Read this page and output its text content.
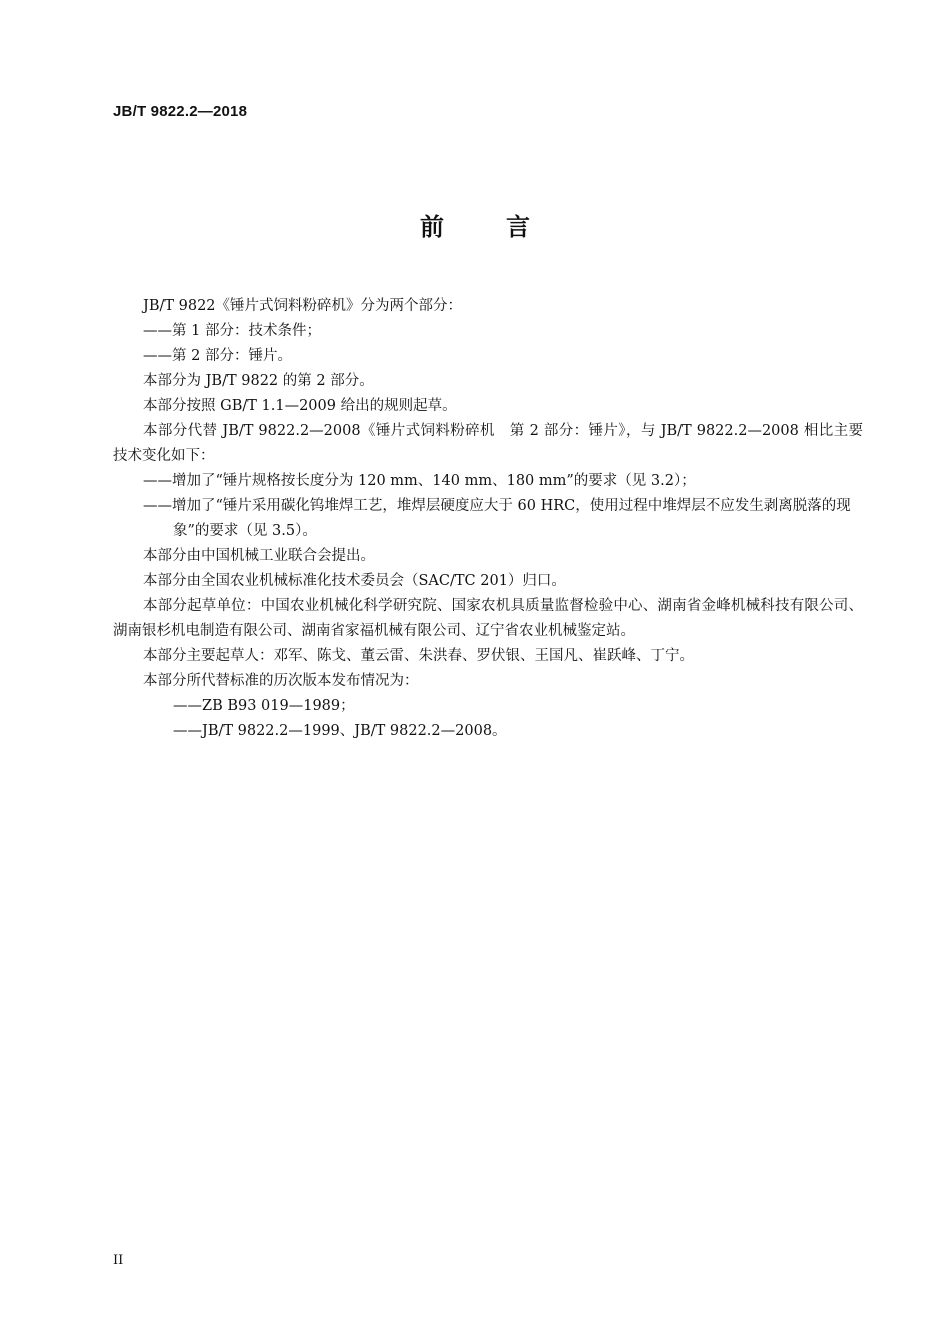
JB/T 9822.2—2018
前言

JB/T 9822《锤片式饲料粉碎机》分为两个部分：

——第 1 部分：技术条件；

——第 2 部分：锤片。

本部分为 JB/T 9822 的第 2 部分。

本部分按照 GB/T 1.1—2009 给出的规则起草。

本部分代替 JB/T 9822.2—2008《锤片式饲料粉碎机　第 2 部分：锤片》，与 JB/T 9822.2—2008 相比主要技术变化如下：

——增加了“锤片规格按长度分为 120 mm、140 mm、180 mm”的要求（见 3.2）；

——增加了“锤片采用碳化钨堆焊工艺，堆焊层硬度应大于 60 HRC，使用过程中堆焊层不应发生剥离脱落的现象”的要求（见 3.5）。

本部分由中国机械工业联合会提出。

本部分由全国农业机械标准化技术委员会（SAC/TC 201）归口。

本部分起草单位：中国农业机械化科学研究院、国家农机具质量监督检验中心、湖南省金峰机械科技有限公司、湖南银杉机电制造有限公司、湖南省家福机械有限公司、辽宁省农业机械鉴定站。

本部分主要起草人：邓军、陈戈、董云雷、朱洪春、罗伏银、王国凡、崔跃峰、丁宁。

本部分所代替标准的历次版本发布情况为：

——ZB B93 019—1989；

——JB/T 9822.2—1999、JB/T 9822.2—2008。

II
